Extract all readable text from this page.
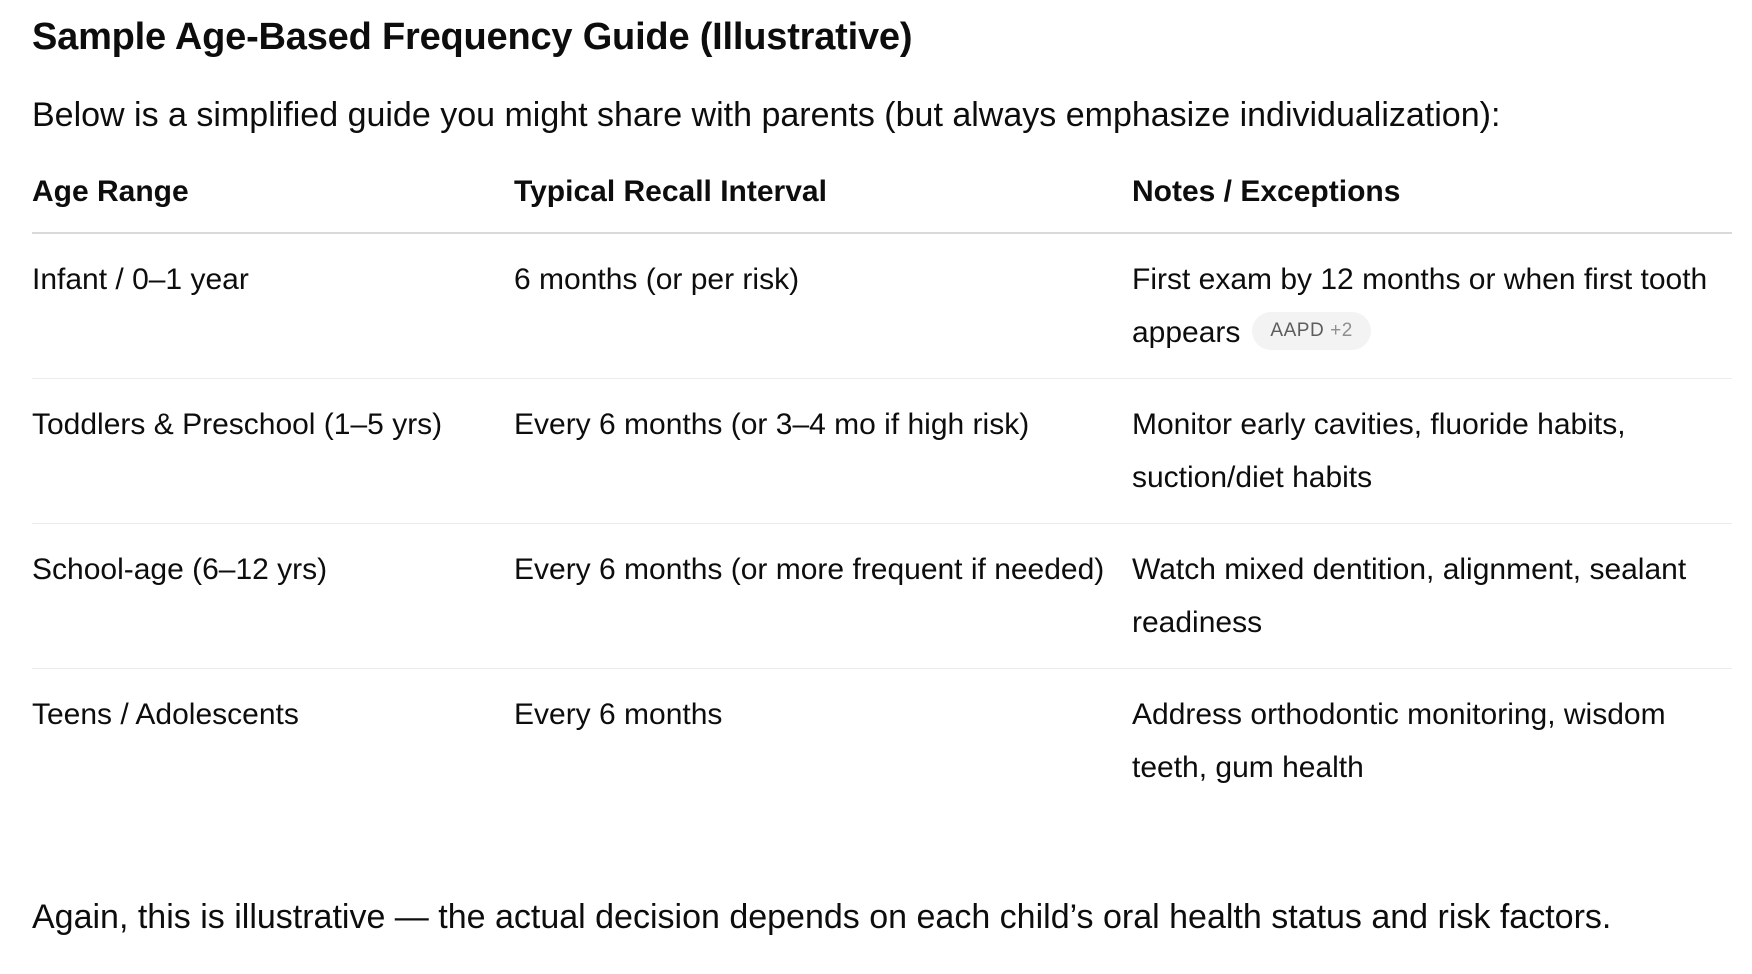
Sample Age-Based Frequency Guide (Illustrative)
Below is a simplified guide you might share with parents (but always emphasize individualization):
Age Range	Typical Recall Interval	Notes / Exceptions
Infant / 0–1 year	6 months (or per risk)	First exam by 12 months or when first tooth appears AAPD +2
Toddlers & Preschool (1–5 yrs)	Every 6 months (or 3–4 mo if high risk)	Monitor early cavities, fluoride habits, suction/diet habits
School-age (6–12 yrs)	Every 6 months (or more frequent if needed)	Watch mixed dentition, alignment, sealant readiness
Teens / Adolescents	Every 6 months	Address orthodontic monitoring, wisdom teeth, gum health
Again, this is illustrative — the actual decision depends on each child’s oral health status and risk factors.
